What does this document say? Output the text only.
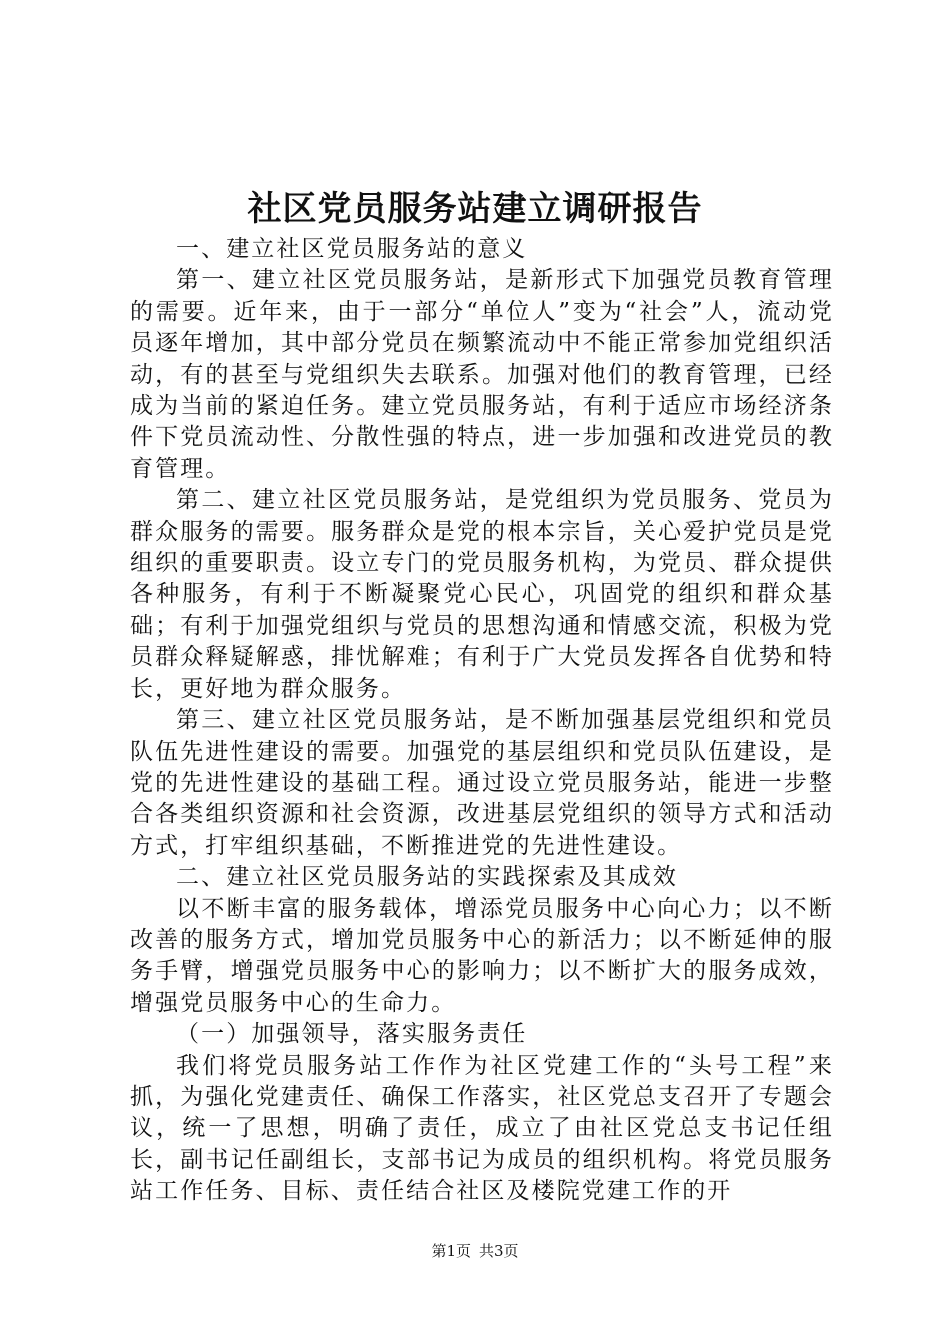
社区党员服务站建立调研报告

一、建立社区党员服务站的意义

第一、建立社区党员服务站，是新形式下加强党员教育管理的需要。近年来，由于一部分“单位人”变为“社会”人，流动党员逐年增加，其中部分党员在频繁流动中不能正常参加党组织活动，有的甚至与党组织失去联系。加强对他们的教育管理，已经成为当前的紧迫任务。建立党员服务站，有利于适应市场经济条件下党员流动性、分散性强的特点，进一步加强和改进党员的教育管理。

第二、建立社区党员服务站，是党组织为党员服务、党员为群众服务的需要。服务群众是党的根本宗旨，关心爱护党员是党组织的重要职责。设立专门的党员服务机构，为党员、群众提供各种服务，有利于不断凝聚党心民心，巩固党的组织和群众基础；有利于加强党组织与党员的思想沟通和情感交流，积极为党员群众释疑解惑，排忧解难；有利于广大党员发挥各自优势和特长，更好地为群众服务。

第三、建立社区党员服务站，是不断加强基层党组织和党员队伍先进性建设的需要。加强党的基层组织和党员队伍建设，是党的先进性建设的基础工程。通过设立党员服务站，能进一步整合各类组织资源和社会资源，改进基层党组织的领导方式和活动方式，打牢组织基础，不断推进党的先进性建设。

二、建立社区党员服务站的实践探索及其成效

以不断丰富的服务载体，增添党员服务中心向心力；以不断改善的服务方式，增加党员服务中心的新活力；以不断延伸的服务手臂，增强党员服务中心的影响力；以不断扩大的服务成效，增强党员服务中心的生命力。

（一）加强领导，落实服务责任

我们将党员服务站工作作为社区党建工作的“头号工程”来抓，为强化党建责任、确保工作落实，社区党总支召开了专题会议，统一了思想，明确了责任，成立了由社区党总支书记任组长，副书记任副组长，支部书记为成员的组织机构。将党员服务站工作任务、目标、责任结合社区及楼院党建工作的开

第1页 共3页
